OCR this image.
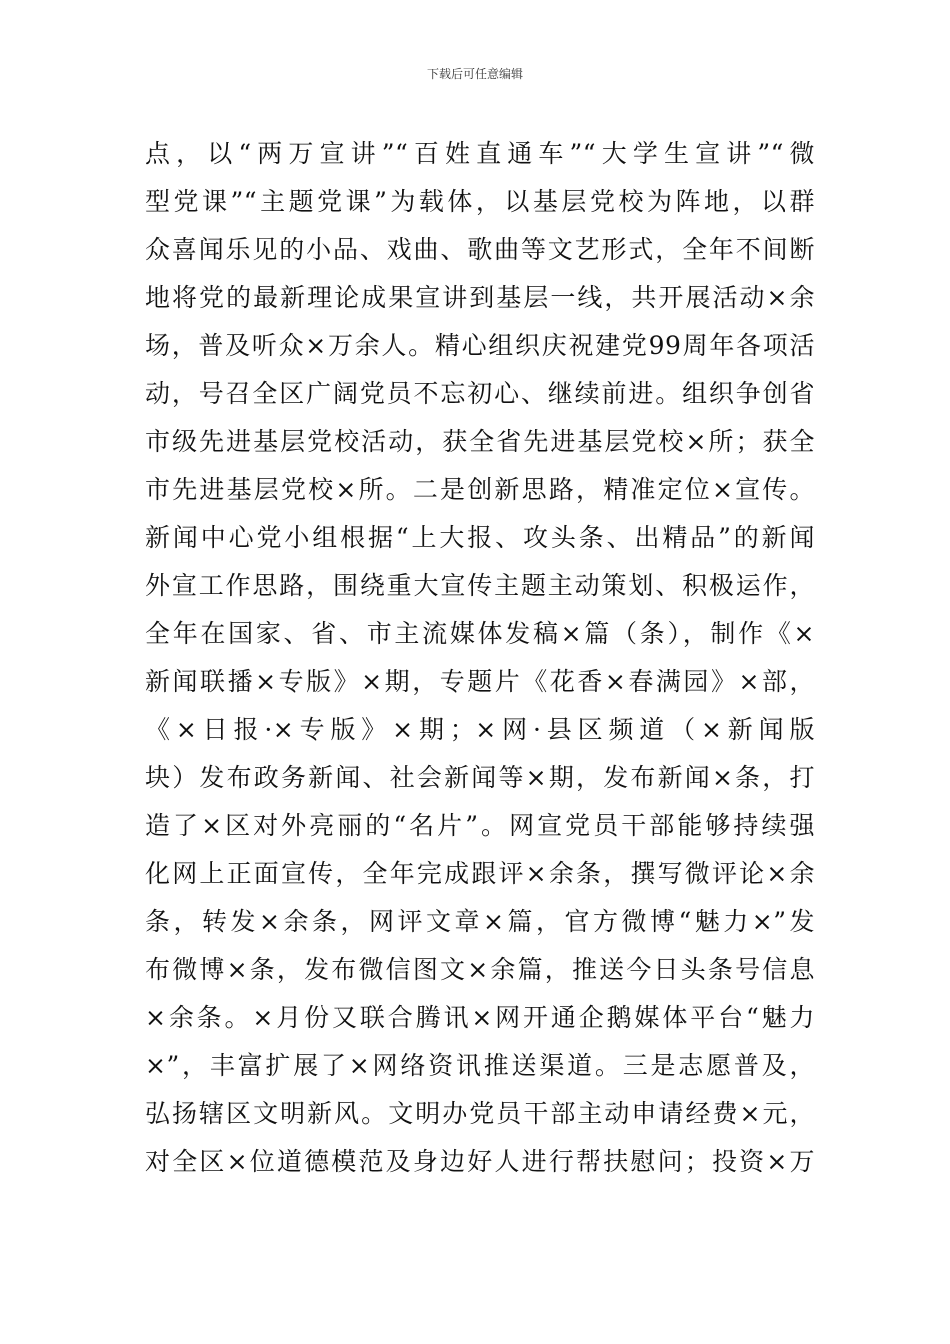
下载后可任意编辑
点，以“两万宣讲”“百姓直通车”“大学生宣讲”“微
型党课”“主题党课”为载体，以基层党校为阵地，以群
众喜闻乐见的小品、戏曲、歌曲等文艺形式，全年不间断
地将党的最新理论成果宣讲到基层一线，共开展活动×余
场，普及听众×万余人。精心组织庆祝建党99周年各项活
动，号召全区广阔党员不忘初心、继续前进。组织争创省
市级先进基层党校活动，获全省先进基层党校×所；获全
市先进基层党校×所。二是创新思路，精准定位×宣传。
新闻中心党小组根据“上大报、攻头条、出精品”的新闻
外宣工作思路，围绕重大宣传主题主动策划、积极运作，
全年在国家、省、市主流媒体发稿×篇（条），制作《×
新闻联播×专版》×期，专题片《花香×春满园》×部，
《×日报·×专版》×期；×网·县区频道（×新闻版
块）发布政务新闻、社会新闻等×期，发布新闻×条，打
造了×区对外亮丽的“名片”。网宣党员干部能够持续强
化网上正面宣传，全年完成跟评×余条，撰写微评论×余
条，转发×余条，网评文章×篇，官方微博“魅力×”发
布微博×条，发布微信图文×余篇，推送今日头条号信息
×余条。×月份又联合腾讯×网开通企鹅媒体平台“魅力
×”，丰富扩展了×网络资讯推送渠道。三是志愿普及，
弘扬辖区文明新风。文明办党员干部主动申请经费×元，
对全区×位道德模范及身边好人进行帮扶慰问；投资×万
